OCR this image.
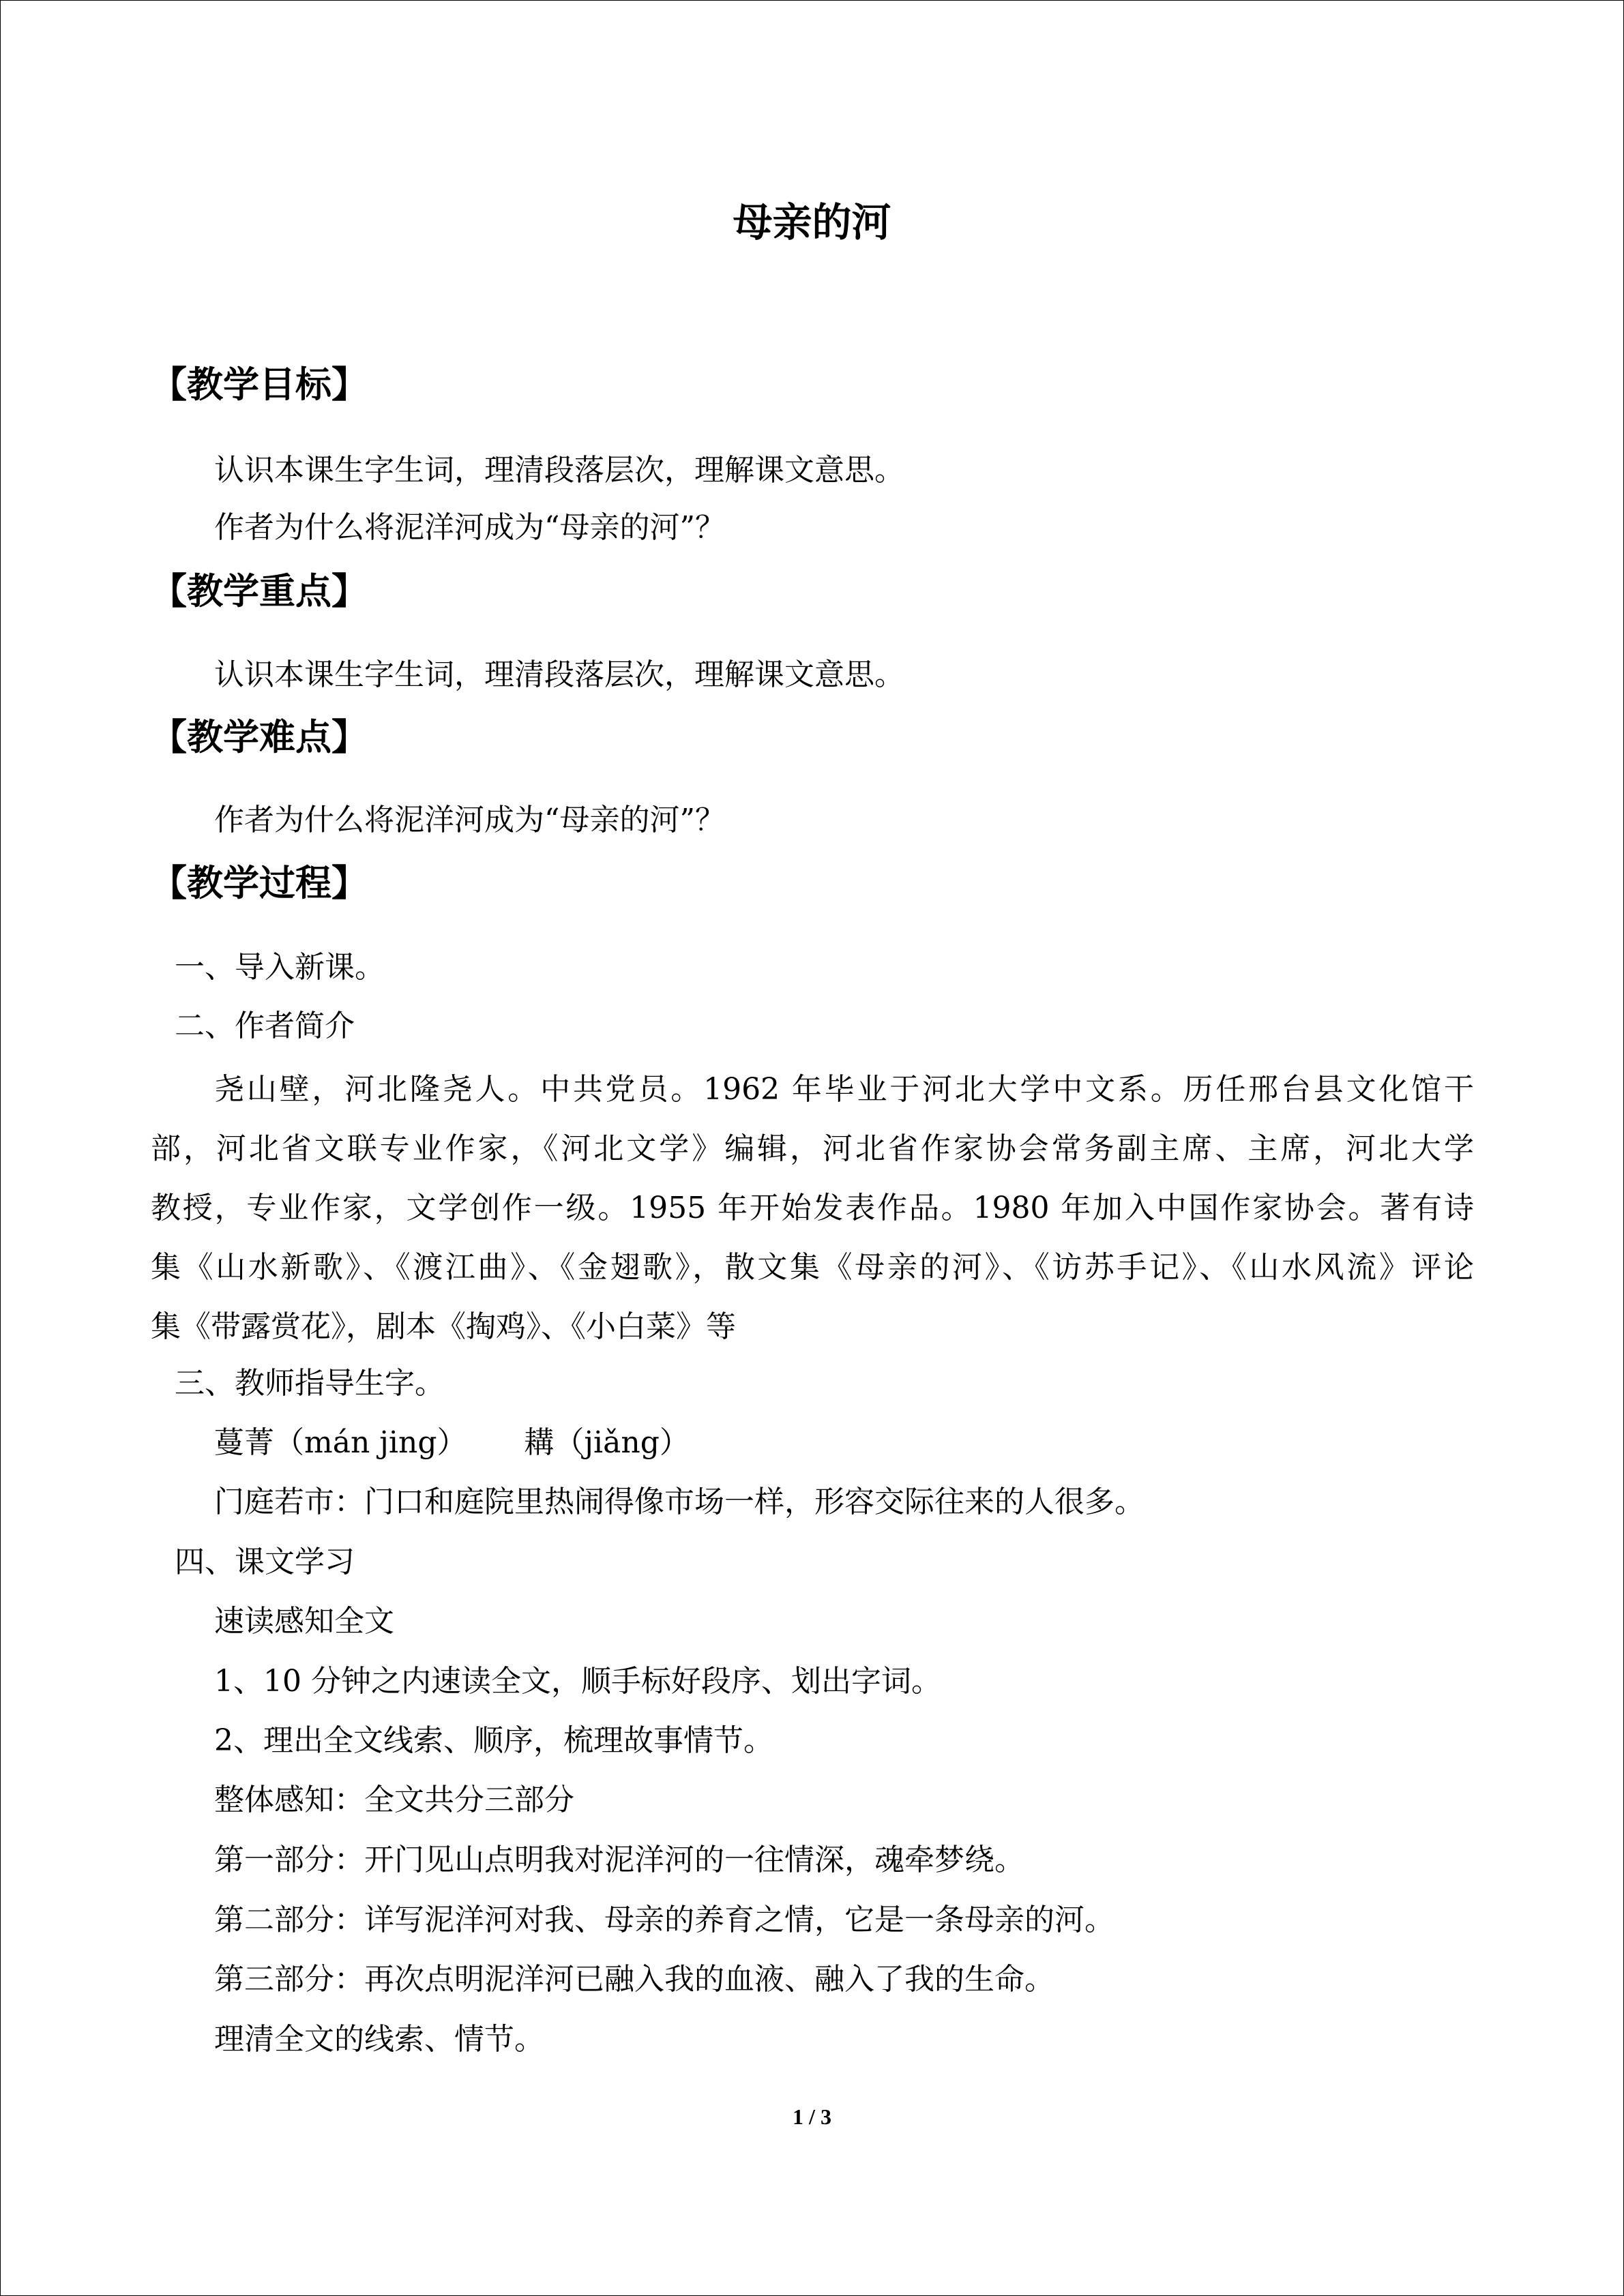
母亲的河
【教学目标】
认识本课生字生词，理清段落层次，理解课文意思。
作者为什么将泥洋河成为“母亲的河”？
【教学重点】
认识本课生字生词，理清段落层次，理解课文意思。
【教学难点】
作者为什么将泥洋河成为“母亲的河”？
【教学过程】
一、导入新课。
二、作者简介
尧山壁，河北隆尧人。中共党员。1962 年毕业于河北大学中文系。历任邢台县文化馆干
部，河北省文联专业作家，《河北文学》编辑，河北省作家协会常务副主席、主席，河北大学
教授，专业作家，文学创作一级。1955 年开始发表作品。1980 年加入中国作家协会。著有诗
集《山水新歌》、《渡江曲》、《金翅歌》，散文集《母亲的河》、《访苏手记》、《山水风流》评论
集《带露赏花》，剧本《掏鸡》、《小白菜》等
三、教师指导生字。
蔓菁（mán jing）      耩（jiǎng）
门庭若市：门口和庭院里热闹得像市场一样，形容交际往来的人很多。
四、课文学习
速读感知全文
1、10 分钟之内速读全文，顺手标好段序、划出字词。
2、理出全文线索、顺序，梳理故事情节。
整体感知：全文共分三部分
第一部分：开门见山点明我对泥洋河的一往情深，魂牵梦绕。
第二部分：详写泥洋河对我、母亲的养育之情，它是一条母亲的河。
第三部分：再次点明泥洋河已融入我的血液、融入了我的生命。
理清全文的线索、情节。
1 / 3
